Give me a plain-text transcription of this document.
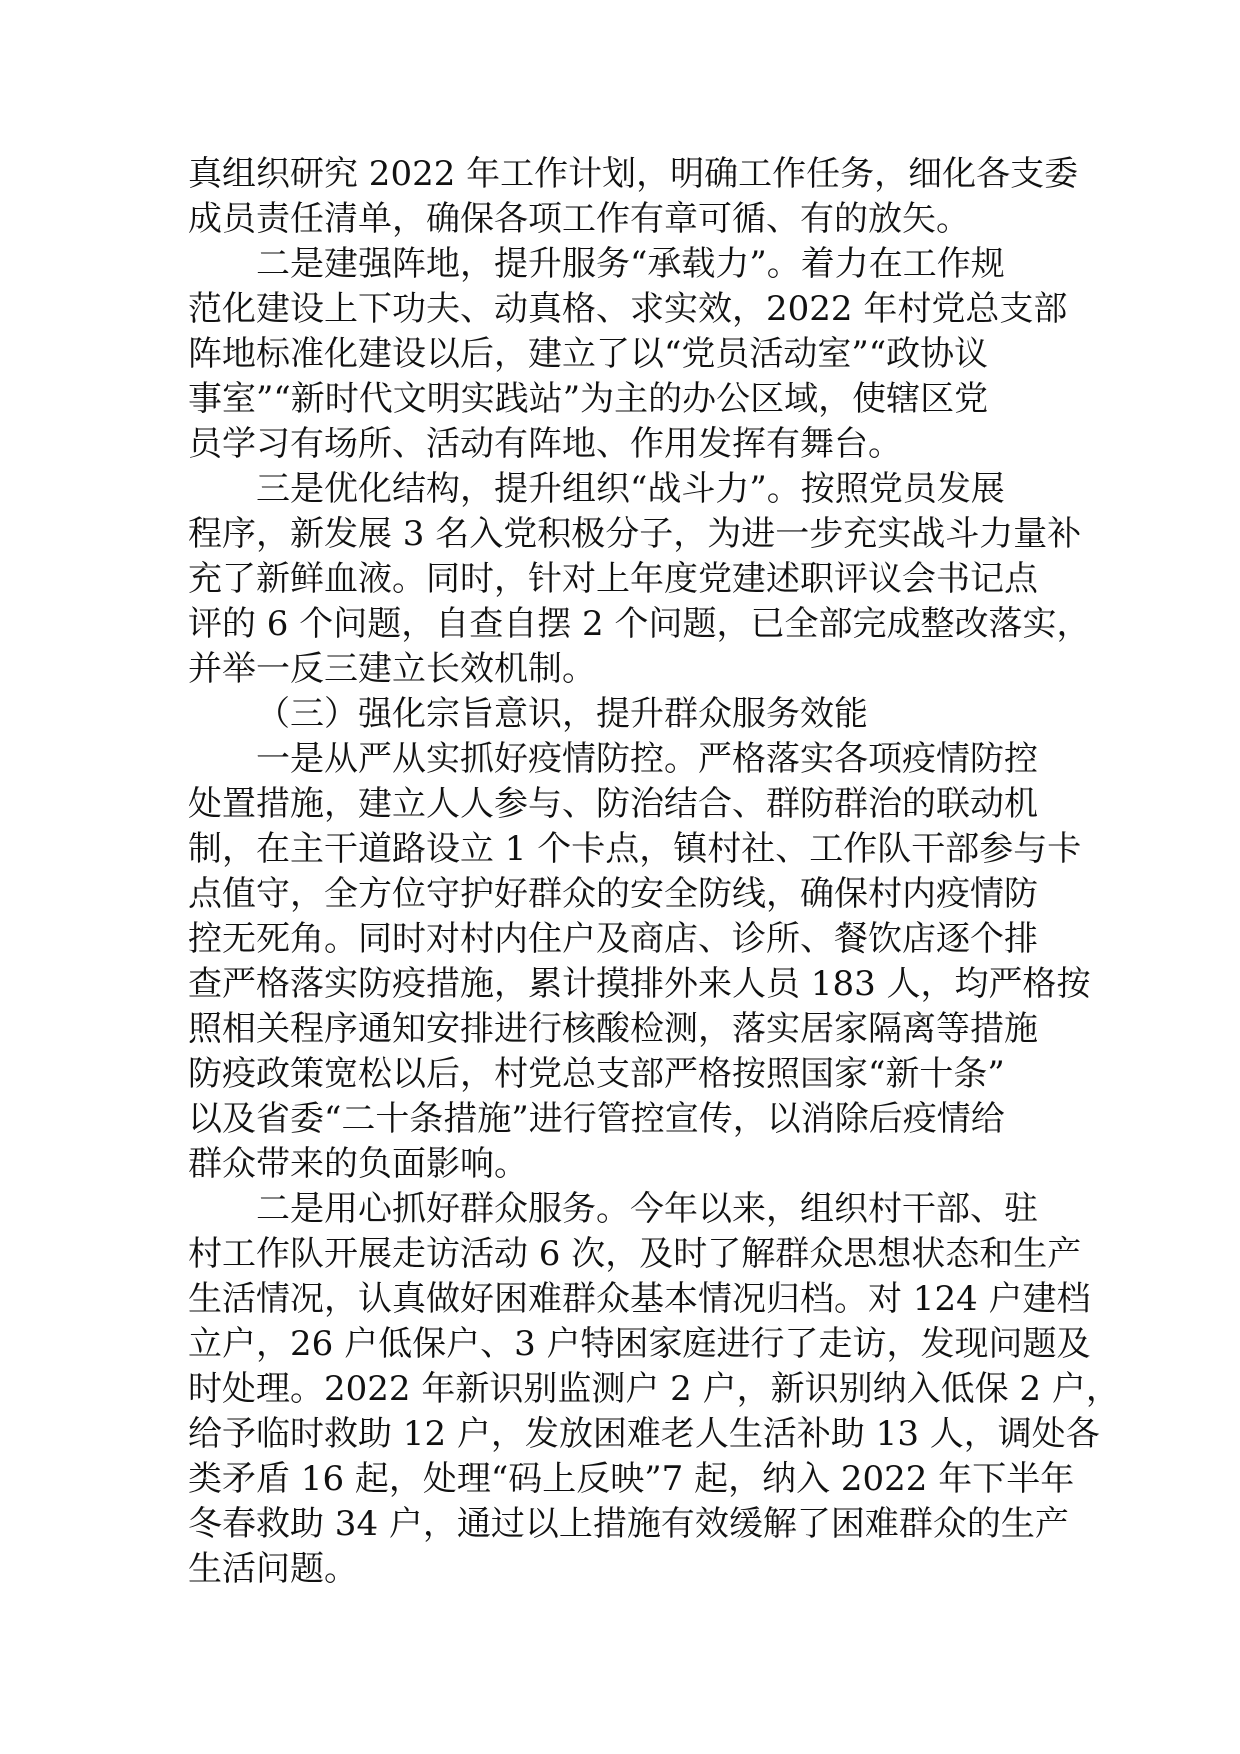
真组织研究 2022 年工作计划，明确工作任务，细化各支委
成员责任清单，确保各项工作有章可循、有的放矢。
二是建强阵地，提升服务“承载力”。着力在工作规
范化建设上下功夫、动真格、求实效，2022 年村党总支部
阵地标准化建设以后，建立了以“党员活动室”“政协议
事室”“新时代文明实践站”为主的办公区域，使辖区党
员学习有场所、活动有阵地、作用发挥有舞台。
三是优化结构，提升组织“战斗力”。按照党员发展
程序，新发展 3 名入党积极分子，为进一步充实战斗力量补
充了新鲜血液。同时，针对上年度党建述职评议会书记点
评的 6 个问题，自查自摆 2 个问题，已全部完成整改落实，
并举一反三建立长效机制。
（三）强化宗旨意识，提升群众服务效能
一是从严从实抓好疫情防控。严格落实各项疫情防控
处置措施，建立人人参与、防治结合、群防群治的联动机
制，在主干道路设立 1 个卡点，镇村社、工作队干部参与卡
点值守，全方位守护好群众的安全防线，确保村内疫情防
控无死角。同时对村内住户及商店、诊所、餐饮店逐个排
查严格落实防疫措施，累计摸排外来人员 183 人，均严格按
照相关程序通知安排进行核酸检测，落实居家隔离等措施
防疫政策宽松以后，村党总支部严格按照国家“新十条”
以及省委“二十条措施”进行管控宣传，以消除后疫情给
群众带来的负面影响。
二是用心抓好群众服务。今年以来，组织村干部、驻
村工作队开展走访活动 6 次，及时了解群众思想状态和生产
生活情况，认真做好困难群众基本情况归档。对 124 户建档
立户，26 户低保户、3 户特困家庭进行了走访，发现问题及
时处理。2022 年新识别监测户 2 户，新识别纳入低保 2 户，
给予临时救助 12 户，发放困难老人生活补助 13 人，调处各
类矛盾 16 起，处理“码上反映”7 起，纳入 2022 年下半年
冬春救助 34 户，通过以上措施有效缓解了困难群众的生产
生活问题。
